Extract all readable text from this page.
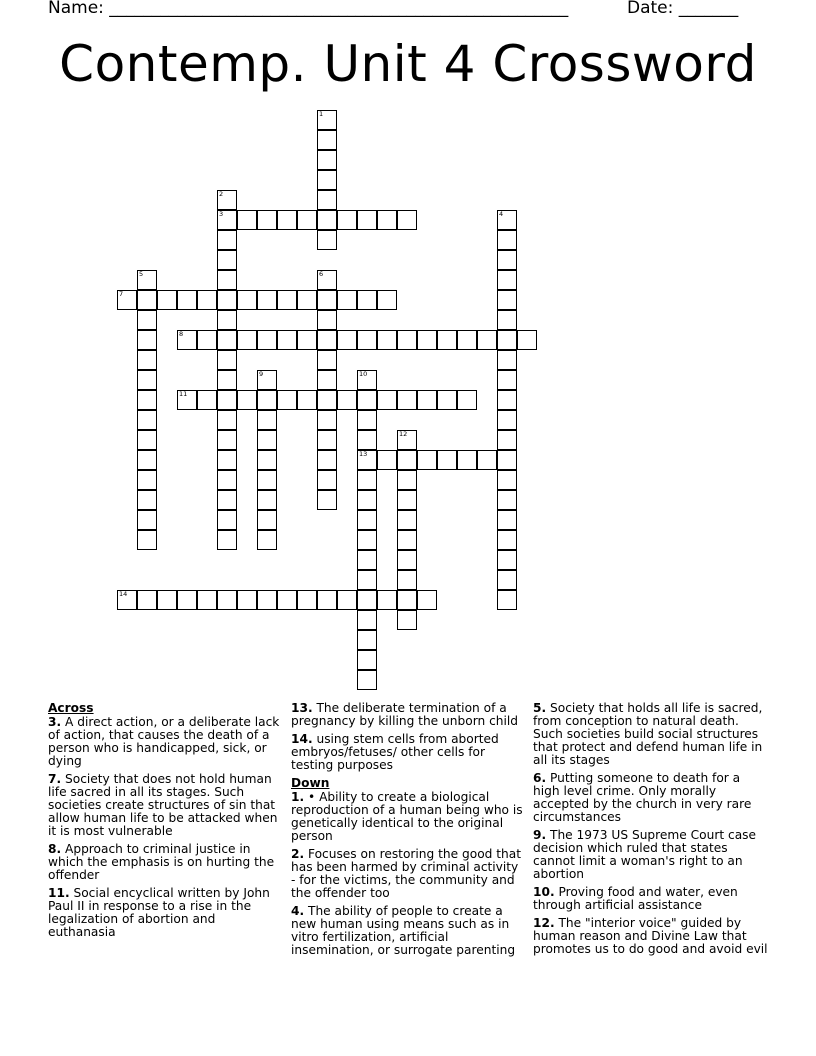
Name: ______________________________________________________	Date: _______
Contemp. Unit 4 Crossword
1
2
3	4
5	6
7
8
9	10
13
11
12
14
Across
3. A direct action, or a deliberate lack of action, that causes the death of a person who is handicapped, sick, or dying
7. Society that does not hold human life sacred in all its stages. Such societies create structures of sin that allow human life to be attacked when it is most vulnerable
8. Approach to criminal justice in which the emphasis is on hurting the offender
11. Social encyclical written by John Paul II in response to a rise in the legalization of abortion and euthanasia
13. The deliberate termination of a pregnancy by killing the unborn child
14. using stem cells from aborted embryos/fetuses/ other cells for testing purposes
Down
1. • Ability to create a biological reproduction of a human being who is genetically identical to the original person
2. Focuses on restoring the good that has been harmed by criminal activity - for the victims, the community and the offender too
4. The ability of people to create a new human using means such as in vitro fertilization, artificial insemination, or surrogate parenting
5. Society that holds all life is sacred, from conception to natural death. Such societies build social structures that protect and defend human life in all its stages
6. Putting someone to death for a high level crime. Only morally accepted by the church in very rare circumstances
9. The 1973 US Supreme Court case decision which ruled that states cannot limit a woman's right to an abortion
10. Proving food and water, even through artificial assistance
12. The "interior voice" guided by human reason and Divine Law that promotes us to do good and avoid evil
